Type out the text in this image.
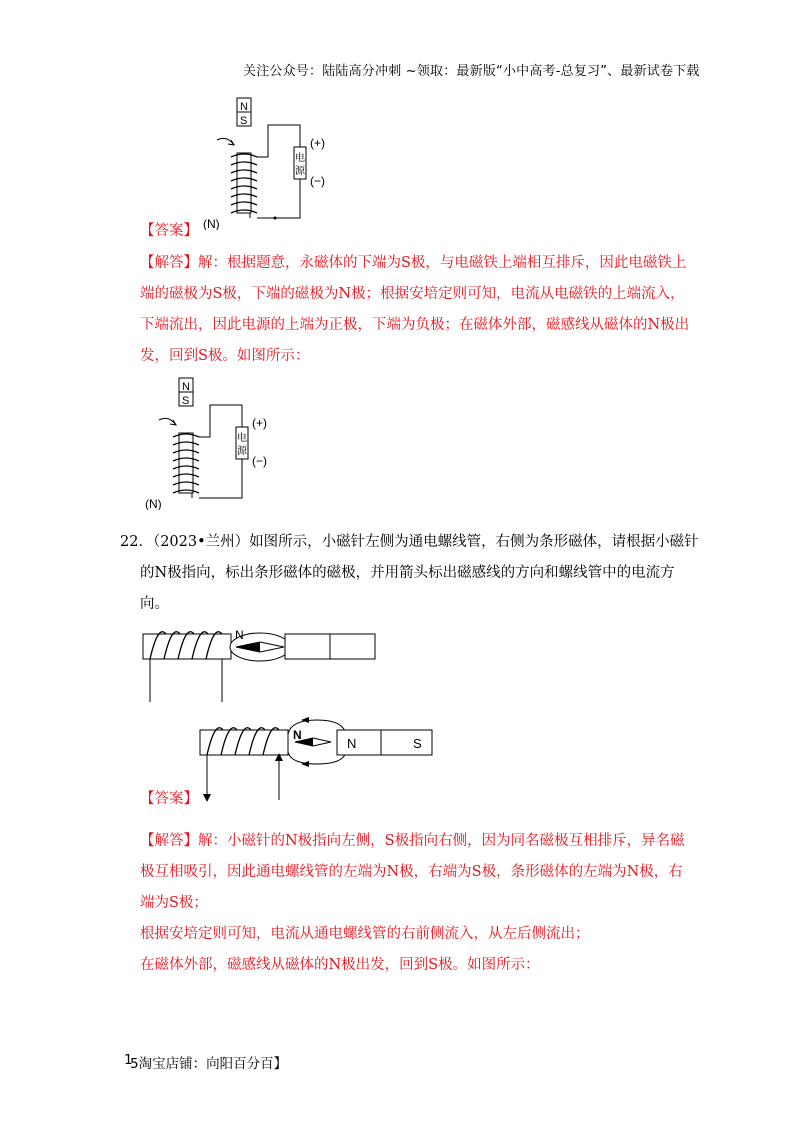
关注公众号：陆陆高分冲刺 ~领取：最新版“小中高考-总复习”、最新试卷下载
N
S
电
源
(+)
(−)
(N)
【答案】
【解答】解：根据题意，永磁体的下端为S极，与电磁铁上端相互排斥，因此电磁铁上
端的磁极为S极，下端的磁极为N极；根据安培定则可知，电流从电磁铁的上端流入，
下端流出，因此电源的上端为正极，下端为负极；在磁体外部，磁感线从磁体的N极出
发，回到S极。如图所示：
N
S
电
源
(+)
(−)
(N)
22．（2023•兰州）如图所示，小磁针左侧为通电螺线管，右侧为条形磁体，请根据小磁针
的N极指向，标出条形磁体的磁极，并用箭头标出磁感线的方向和螺线管中的电流方
向。
N
N
N	S
【答案】
【解答】解：小磁针的N极指向左侧，S极指向右侧，因为同名磁极互相排斥，异名磁
极互相吸引，因此通电螺线管的左端为N极，右端为S极，条形磁体的左端为N极，右
端为S极；
根据安培定则可知，电流从通电螺线管的右前侧流入，从左后侧流出；
在磁体外部，磁感线从磁体的N极出发，回到S极。如图所示：
1
5淘宝店铺：向阳百分百】
